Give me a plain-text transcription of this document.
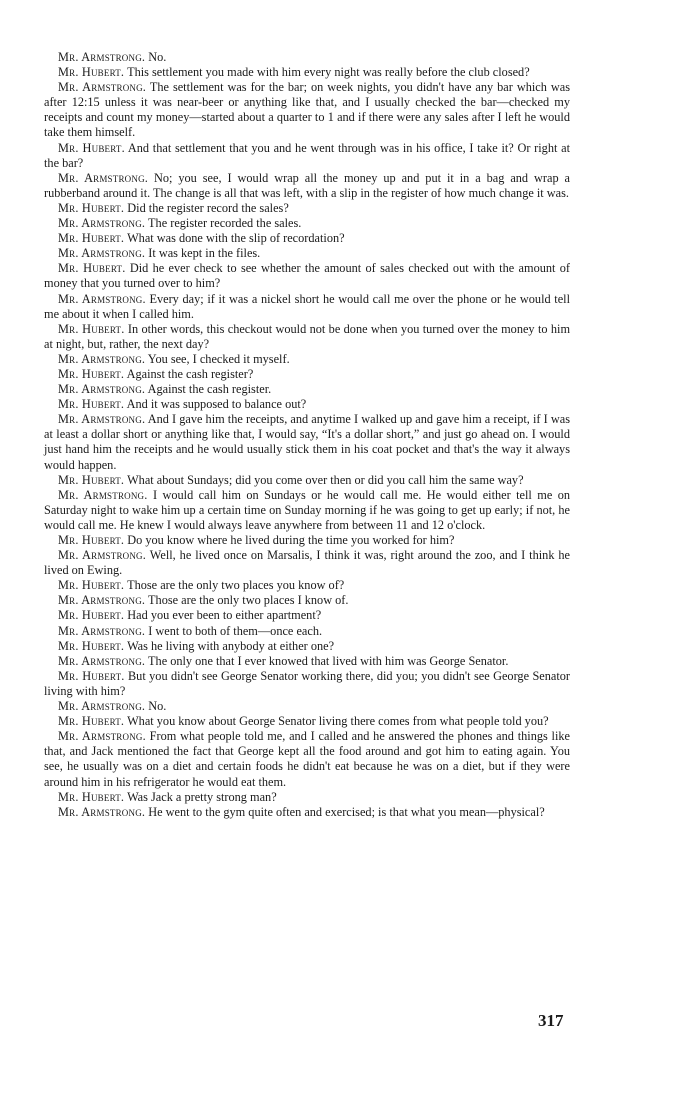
Mr. Armstrong. No.

Mr. Hubert. This settlement you made with him every night was really before the club closed?

Mr. Armstrong. The settlement was for the bar; on week nights, you didn't have any bar which was after 12:15 unless it was near-beer or anything like that, and I usually checked the bar—checked my receipts and count my money—started about a quarter to 1 and if there were any sales after I left he would take them himself.

Mr. Hubert. And that settlement that you and he went through was in his office, I take it? Or right at the bar?

Mr. Armstrong. No; you see, I would wrap all the money up and put it in a bag and wrap a rubberband around it. The change is all that was left, with a slip in the register of how much change it was.

Mr. Hubert. Did the register record the sales?

Mr. Armstrong. The register recorded the sales.

Mr. Hubert. What was done with the slip of recordation?

Mr. Armstrong. It was kept in the files.

Mr. Hubert. Did he ever check to see whether the amount of sales checked out with the amount of money that you turned over to him?

Mr. Armstrong. Every day; if it was a nickel short he would call me over the phone or he would tell me about it when I called him.

Mr. Hubert. In other words, this checkout would not be done when you turned over the money to him at night, but, rather, the next day?

Mr. Armstrong. You see, I checked it myself.

Mr. Hubert. Against the cash register?

Mr. Armstrong. Against the cash register.

Mr. Hubert. And it was supposed to balance out?

Mr. Armstrong. And I gave him the receipts, and anytime I walked up and gave him a receipt, if I was at least a dollar short or anything like that, I would say, “It's a dollar short,” and just go ahead on. I would just hand him the receipts and he would usually stick them in his coat pocket and that's the way it always would happen.

Mr. Hubert. What about Sundays; did you come over then or did you call him the same way?

Mr. Armstrong. I would call him on Sundays or he would call me. He would either tell me on Saturday night to wake him up a certain time on Sunday morning if he was going to get up early; if not, he would call me. He knew I would always leave anywhere from between 11 and 12 o'clock.

Mr. Hubert. Do you know where he lived during the time you worked for him?

Mr. Armstrong. Well, he lived once on Marsalis, I think it was, right around the zoo, and I think he lived on Ewing.

Mr. Hubert. Those are the only two places you know of?

Mr. Armstrong. Those are the only two places I know of.

Mr. Hubert. Had you ever been to either apartment?

Mr. Armstrong. I went to both of them—once each.

Mr. Hubert. Was he living with anybody at either one?

Mr. Armstrong. The only one that I ever knowed that lived with him was George Senator.

Mr. Hubert. But you didn't see George Senator working there, did you; you didn't see George Senator living with him?

Mr. Armstrong. No.

Mr. Hubert. What you know about George Senator living there comes from what people told you?

Mr. Armstrong. From what people told me, and I called and he answered the phones and things like that, and Jack mentioned the fact that George kept all the food around and got him to eating again. You see, he usually was on a diet and certain foods he didn't eat because he was on a diet, but if they were around him in his refrigerator he would eat them.

Mr. Hubert. Was Jack a pretty strong man?

Mr. Armstrong. He went to the gym quite often and exercised; is that what you mean—physical?

317
